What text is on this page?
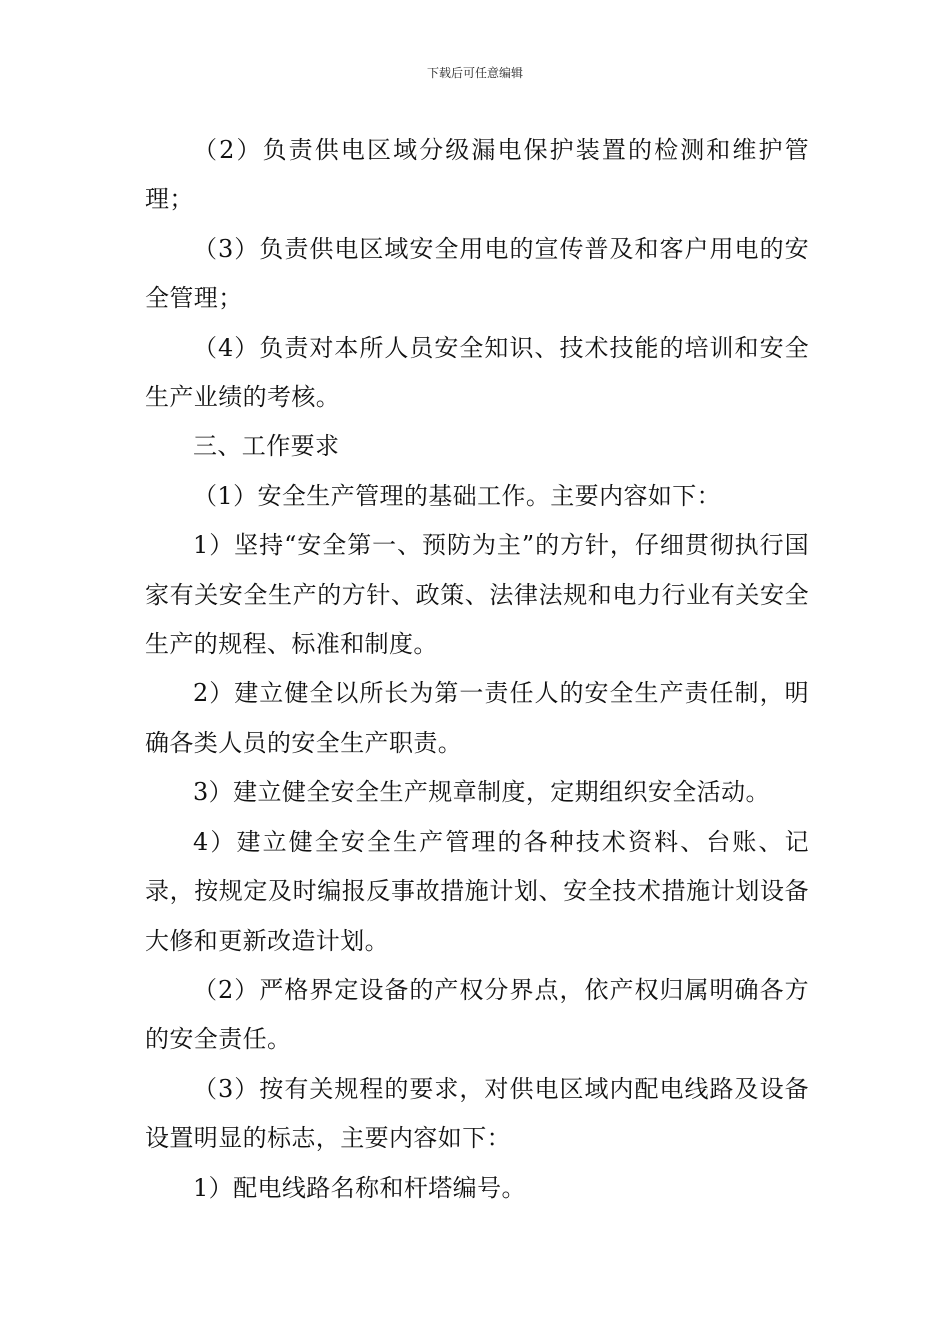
下载后可任意编辑

（2）负责供电区域分级漏电保护装置的检测和维护管理；

（3）负责供电区域安全用电的宣传普及和客户用电的安全管理；

（4）负责对本所人员安全知识、技术技能的培训和安全生产业绩的考核。

三、工作要求

（1）安全生产管理的基础工作。主要内容如下：

1）坚持“安全第一、预防为主”的方针，仔细贯彻执行国家有关安全生产的方针、政策、法律法规和电力行业有关安全生产的规程、标准和制度。

2）建立健全以所长为第一责任人的安全生产责任制，明确各类人员的安全生产职责。

3）建立健全安全生产规章制度，定期组织安全活动。

4）建立健全安全生产管理的各种技术资料、台账、记录，按规定及时编报反事故措施计划、安全技术措施计划设备大修和更新改造计划。

（2）严格界定设备的产权分界点，依产权归属明确各方的安全责任。

（3）按有关规程的要求，对供电区域内配电线路及设备设置明显的标志，主要内容如下：

1）配电线路名称和杆塔编号。
